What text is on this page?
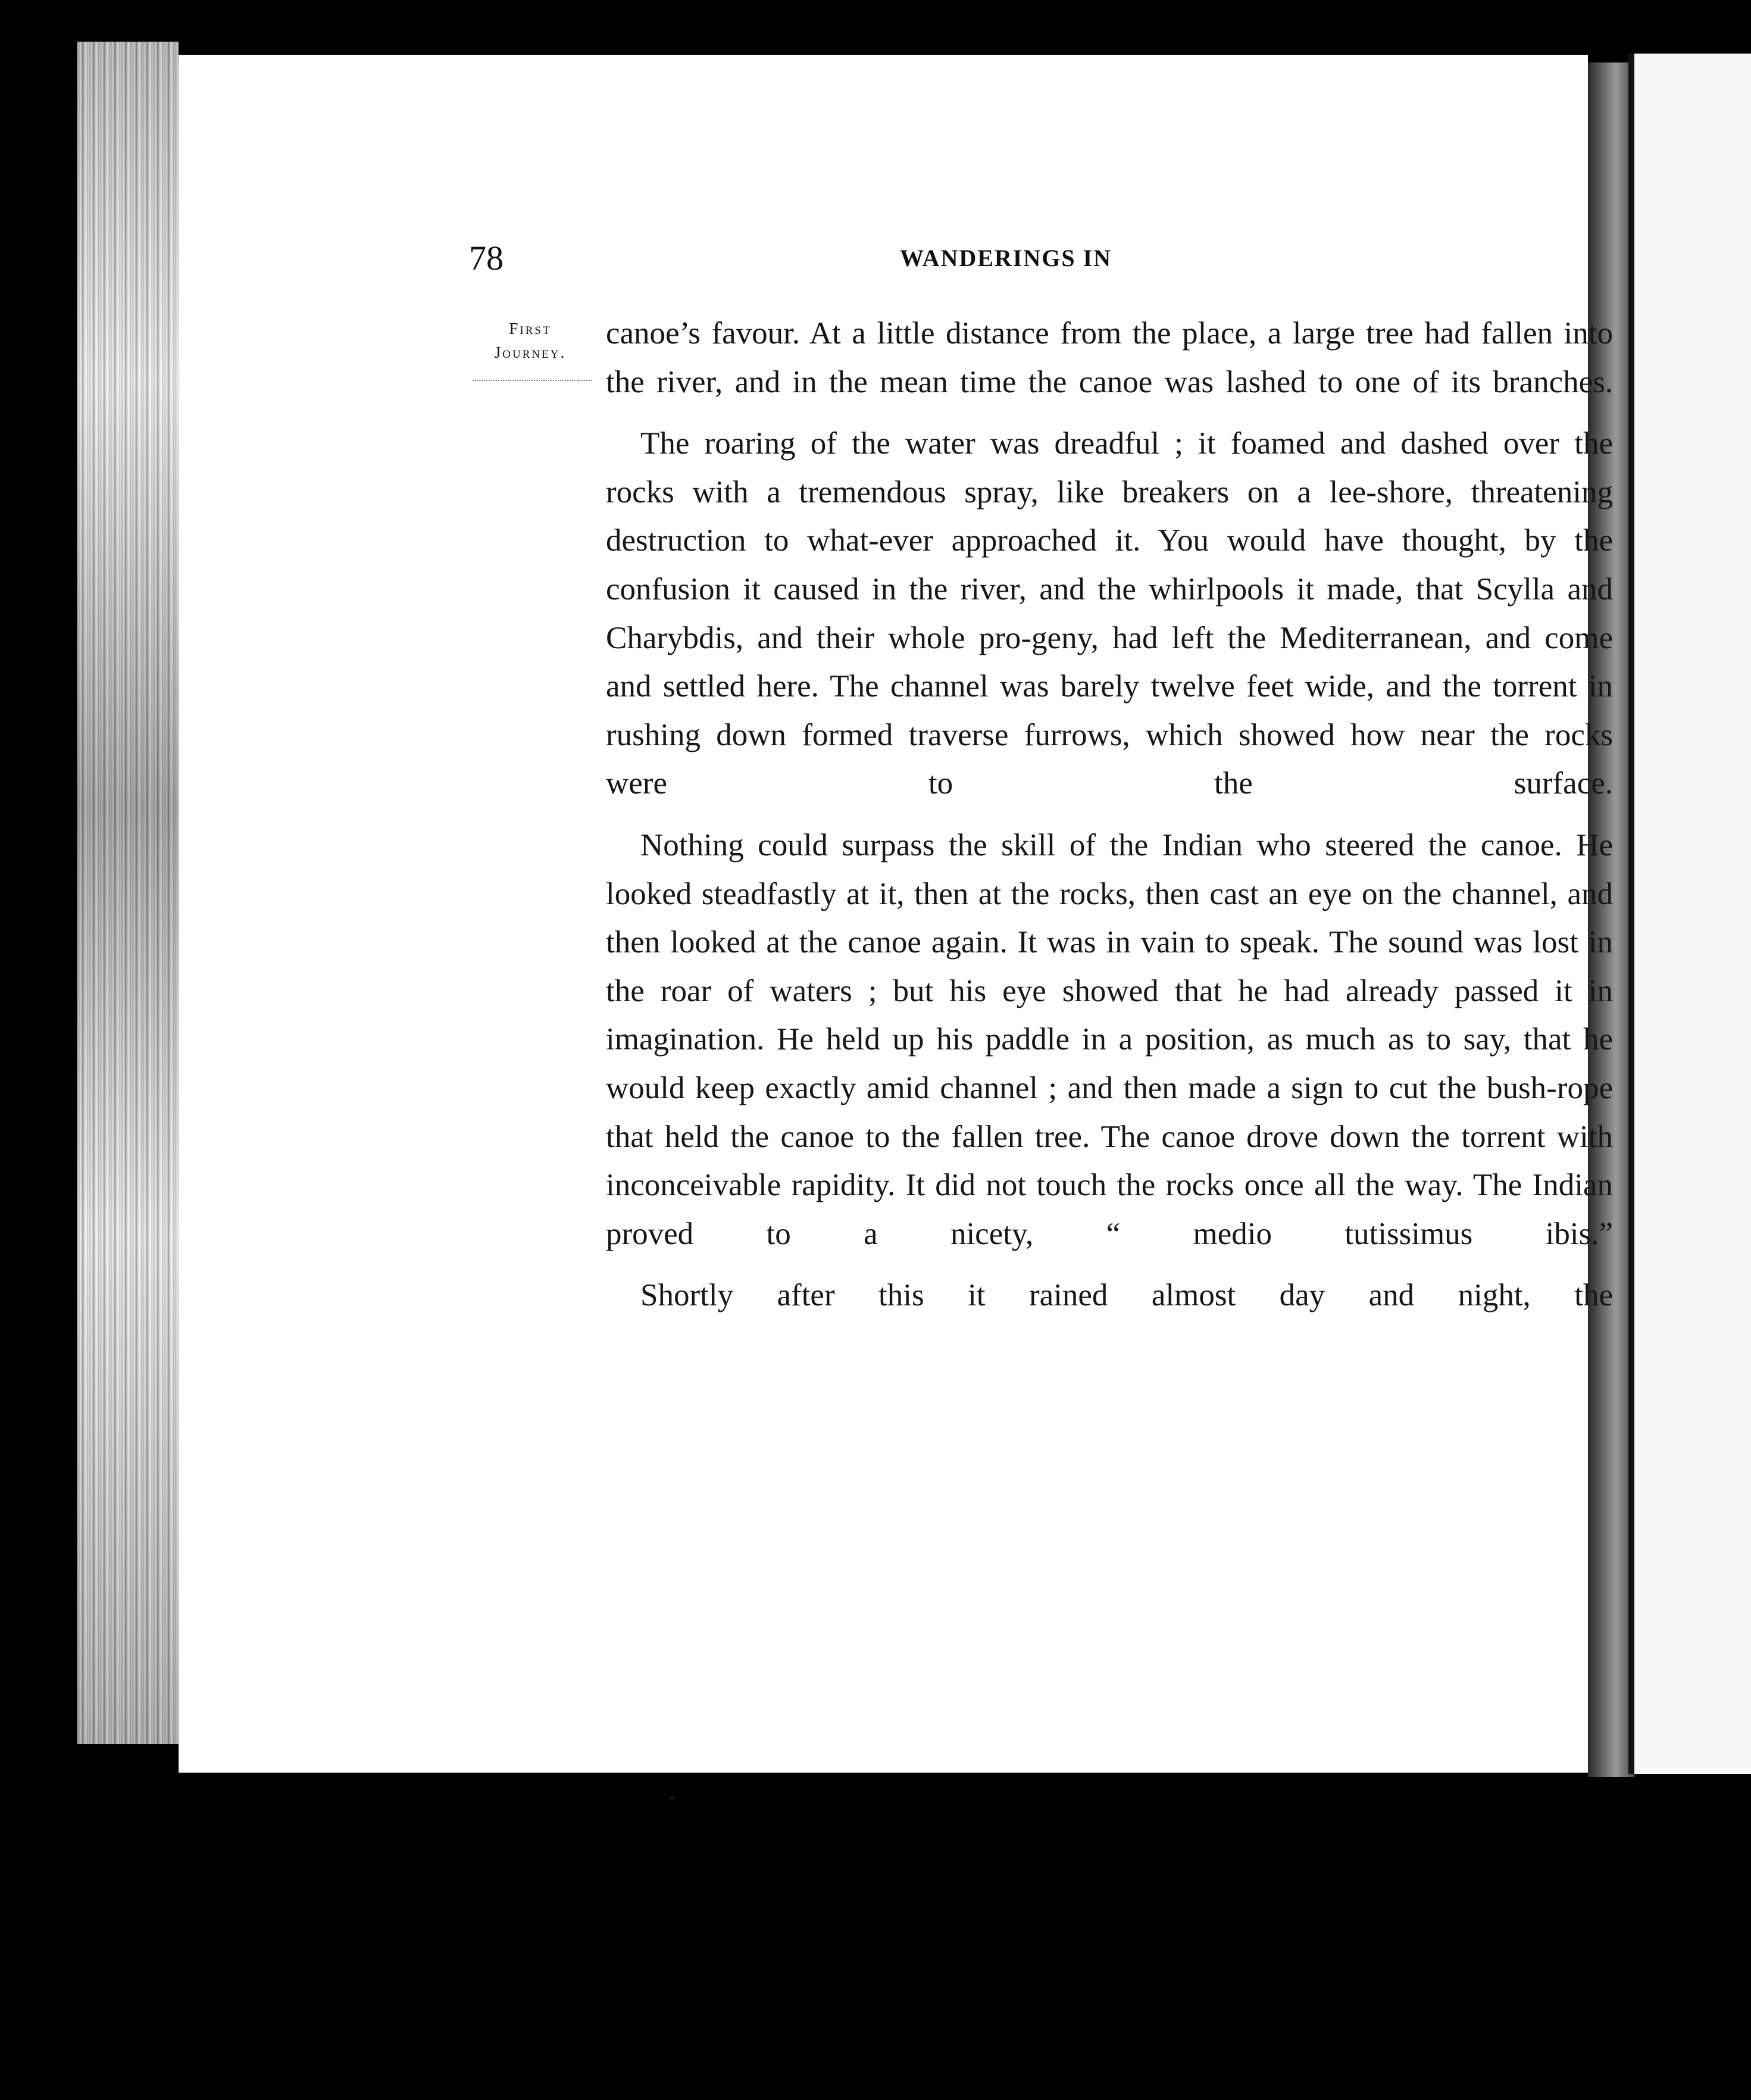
78	WANDERINGS IN
First
Journey.

canoe’s favour. At a little distance from the place, a large tree had fallen into the river, and in the mean time the canoe was lashed to one of its branches.

The roaring of the water was dreadful ; it foamed and dashed over the rocks with a tremendous spray, like breakers on a lee-shore, threatening destruction to what-ever approached it. You would have thought, by the confusion it caused in the river, and the whirlpools it made, that Scylla and Charybdis, and their whole pro-geny, had left the Mediterranean, and come and settled here. The channel was barely twelve feet wide, and the torrent in rushing down formed traverse furrows, which showed how near the rocks were to the surface.

Nothing could surpass the skill of the Indian who steered the canoe. He looked steadfastly at it, then at the rocks, then cast an eye on the channel, and then looked at the canoe again. It was in vain to speak. The sound was lost in the roar of waters ; but his eye showed that he had already passed it in imagination. He held up his paddle in a position, as much as to say, that he would keep exactly amid channel ; and then made a sign to cut the bush-rope that held the canoe to the fallen tree. The canoe drove down the torrent with inconceivable rapidity. It did not touch the rocks once all the way. The Indian proved to a nicety, “ medio tutissimus ibis.”

Shortly after this it rained almost day and night, the
